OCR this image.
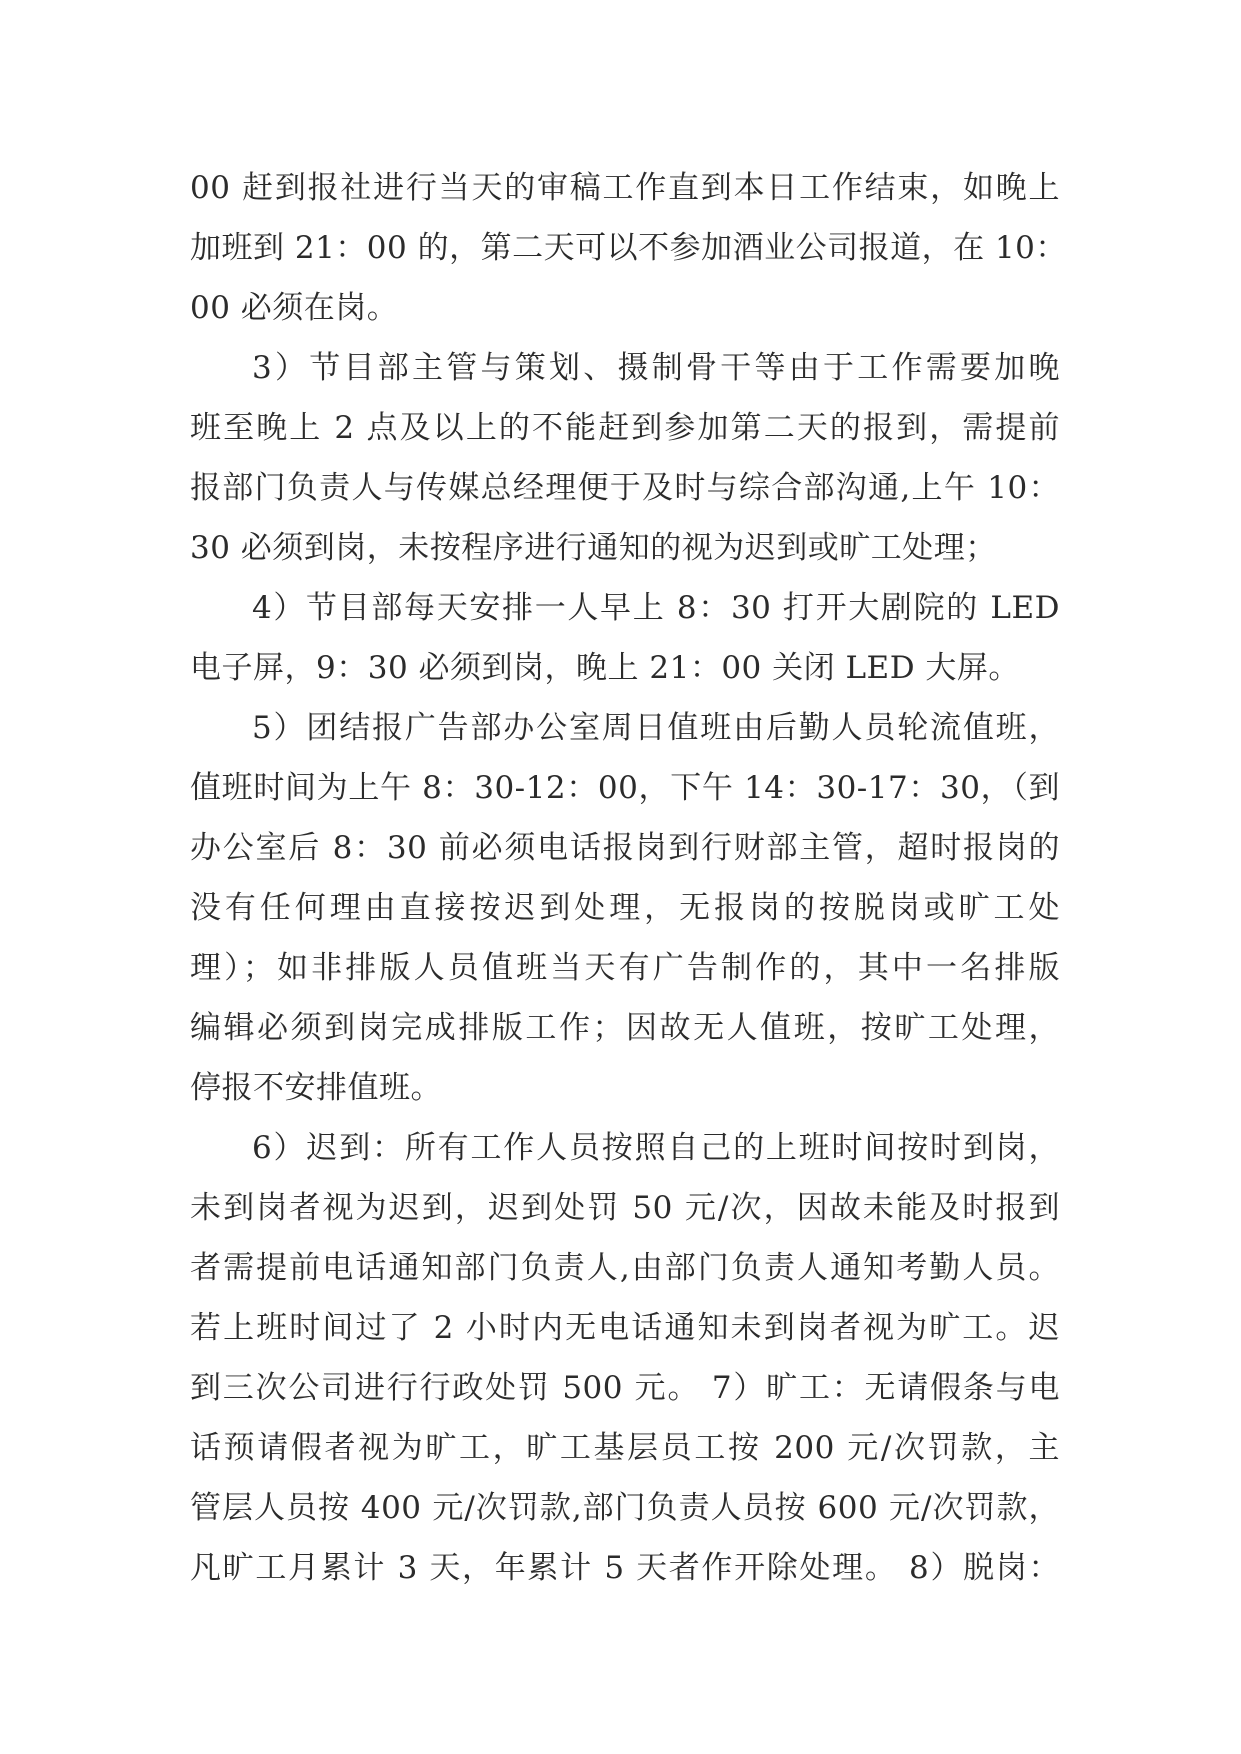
00 赶到报社进行当天的审稿工作直到本日工作结束，如晚上
加班到 21：00 的，第二天可以不参加酒业公司报道，在 10：
00 必须在岗。
3）节目部主管与策划、摄制骨干等由于工作需要加晚
班至晚上 2 点及以上的不能赶到参加第二天的报到，需提前
报部门负责人与传媒总经理便于及时与综合部沟通,上午 10：
30 必须到岗，未按程序进行通知的视为迟到或旷工处理；
4）节目部每天安排一人早上 8：30 打开大剧院的 LED
电子屏，9：30 必须到岗，晚上 21：00 关闭 LED 大屏。
5）团结报广告部办公室周日值班由后勤人员轮流值班，
值班时间为上午 8：30-12：00，下午 14：30-17：30，（到
办公室后 8：30 前必须电话报岗到行财部主管，超时报岗的
没有任何理由直接按迟到处理，无报岗的按脱岗或旷工处
理）；如非排版人员值班当天有广告制作的，其中一名排版
编辑必须到岗完成排版工作；因故无人值班，按旷工处理，
停报不安排值班。
6）迟到：所有工作人员按照自己的上班时间按时到岗，
未到岗者视为迟到，迟到处罚 50 元/次，因故未能及时报到
者需提前电话通知部门负责人,由部门负责人通知考勤人员。
若上班时间过了 2 小时内无电话通知未到岗者视为旷工。迟
到三次公司进行行政处罚 500 元。 7）旷工：无请假条与电
话预请假者视为旷工，旷工基层员工按 200 元/次罚款，主
管层人员按 400 元/次罚款,部门负责人员按 600 元/次罚款，
凡旷工月累计 3 天，年累计 5 天者作开除处理。 8）脱岗：
